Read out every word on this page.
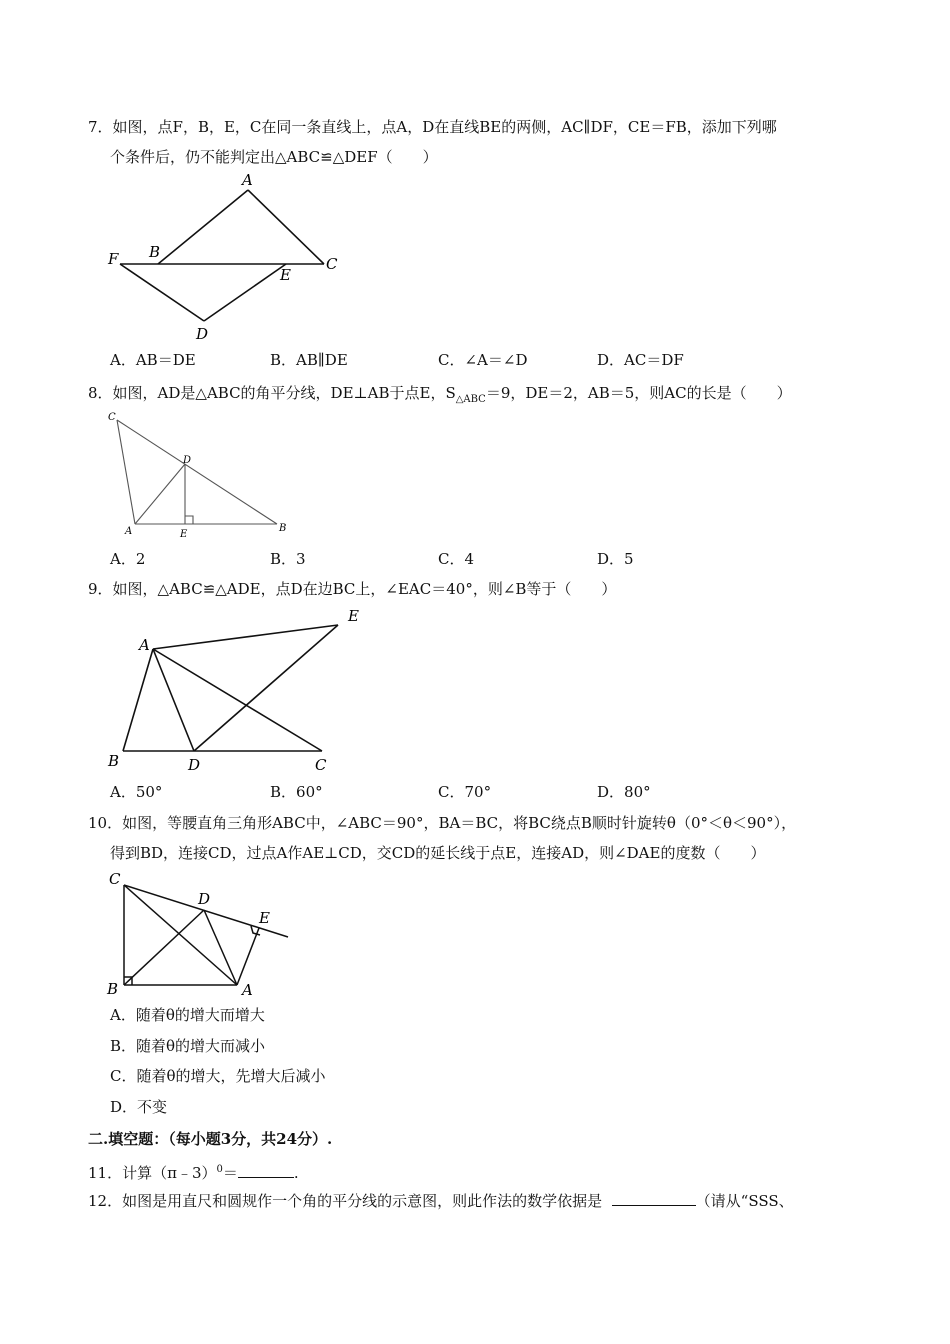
7．如图，点F，B，E，C在同一条直线上，点A，D在直线BE的两侧，AC∥DF，CE＝FB，添加下列哪
个条件后，仍不能判定出△ABC≌△DEF（　　）
A
B
C
D
E
F
A．AB＝DE	B．AB∥DE	C．∠A＝∠D	D．AC＝DF
8．如图，AD是△ABC的角平分线，DE⊥AB于点E，$S_{\triangle ABC}=9$，DE＝2，AB＝5，则AC的长是（　　）
C
D
A	E
B
A．2	B．3	C．4	D．5
9．如图，△ABC≌△ADE，点D在边BC上，∠EAC＝40°，则∠B等于（　　）
A
B	C
D
E
A．50°	B．60°	C．70°	D．80°
10．如图，等腰直角三角形ABC中，∠ABC＝90°，BA＝BC，将BC绕点B顺时针旋转θ（0°＜θ＜90°），
得到BD，连接CD，过点A作AE⊥CD，交CD的延长线于点E，连接AD，则∠DAE的度数（　　）
C
D
E
B	A
A．随着θ的增大而增大
B．随着θ的增大而减小
C．随着θ的增大，先增大后减小
D．不变
二.填空题：（每小题3分，共24分）.
11．计算（π﹣3）$^0$＝	.
12．如图是用直尺和圆规作一个角的平分线的示意图，则此作法的数学依据是	（请从“SSS、
